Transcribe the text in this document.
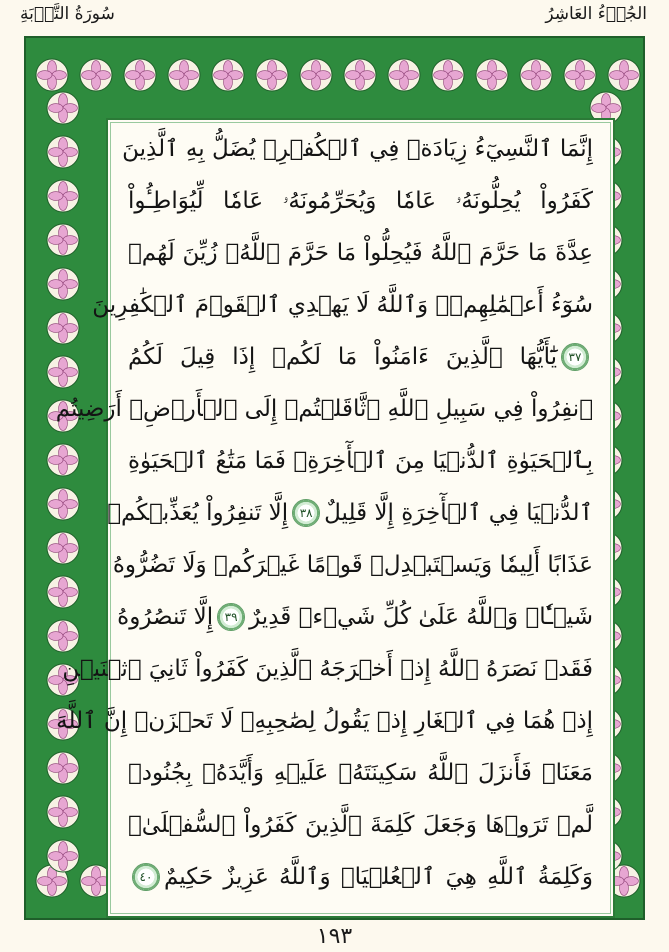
سُورَةُ التَّوۡبَةِ	الجُزۡءُ العَاشِرُ
إِنَّمَا ٱلنَّسِيٓءُ زِيَادَةٞ فِي ٱلۡكُفۡرِۖ يُضَلُّ بِهِ ٱلَّذِينَ
كَفَرُواْ يُحِلُّونَهُۥ عَامٗا وَيُحَرِّمُونَهُۥ عَامٗا لِّيُوَاطِـُٔواْ
عِدَّةَ مَا حَرَّمَ ٱللَّهُ فَيُحِلُّواْ مَا حَرَّمَ ٱللَّهُۚ زُيِّنَ لَهُمۡ
سُوٓءُ أَعۡمَٰلِهِمۡۗ وَٱللَّهُ لَا يَهۡدِي ٱلۡقَوۡمَ ٱلۡكَٰفِرِينَ
٣٧
يَٰٓأَيُّهَا ٱلَّذِينَ ءَامَنُواْ مَا لَكُمۡ إِذَا قِيلَ لَكُمُ
ٱنفِرُواْ فِي سَبِيلِ ٱللَّهِ ٱثَّاقَلۡتُمۡ إِلَى ٱلۡأَرۡضِۚ أَرَضِيتُم
بِٱلۡحَيَوٰةِ ٱلدُّنۡيَا مِنَ ٱلۡأٓخِرَةِۚ فَمَا مَتَٰعُ ٱلۡحَيَوٰةِ
ٱلدُّنۡيَا فِي ٱلۡأٓخِرَةِ إِلَّا قَلِيلٌ
٣٨
إِلَّا تَنفِرُواْ يُعَذِّبۡكُمۡ
عَذَابًا أَلِيمٗا وَيَسۡتَبۡدِلۡ قَوۡمًا غَيۡرَكُمۡ وَلَا تَضُرُّوهُ
شَيۡـٔٗاۗ وَٱللَّهُ عَلَىٰ كُلِّ شَيۡءٖ قَدِيرٌ
٣٩
إِلَّا تَنصُرُوهُ
فَقَدۡ نَصَرَهُ ٱللَّهُ إِذۡ أَخۡرَجَهُ ٱلَّذِينَ كَفَرُواْ ثَانِيَ ٱثۡنَيۡنِ
إِذۡ هُمَا فِي ٱلۡغَارِ إِذۡ يَقُولُ لِصَٰحِبِهِۦ لَا تَحۡزَنۡ إِنَّ ٱللَّهَ
مَعَنَاۖ فَأَنزَلَ ٱللَّهُ سَكِينَتَهُۥ عَلَيۡهِ وَأَيَّدَهُۥ بِجُنُودٖ
لَّمۡ تَرَوۡهَا وَجَعَلَ كَلِمَةَ ٱلَّذِينَ كَفَرُواْ ٱلسُّفۡلَىٰۗ
وَكَلِمَةُ ٱللَّهِ هِيَ ٱلۡعُلۡيَاۗ وَٱللَّهُ عَزِيزٌ حَكِيمٌ
٤٠
١٩٣
